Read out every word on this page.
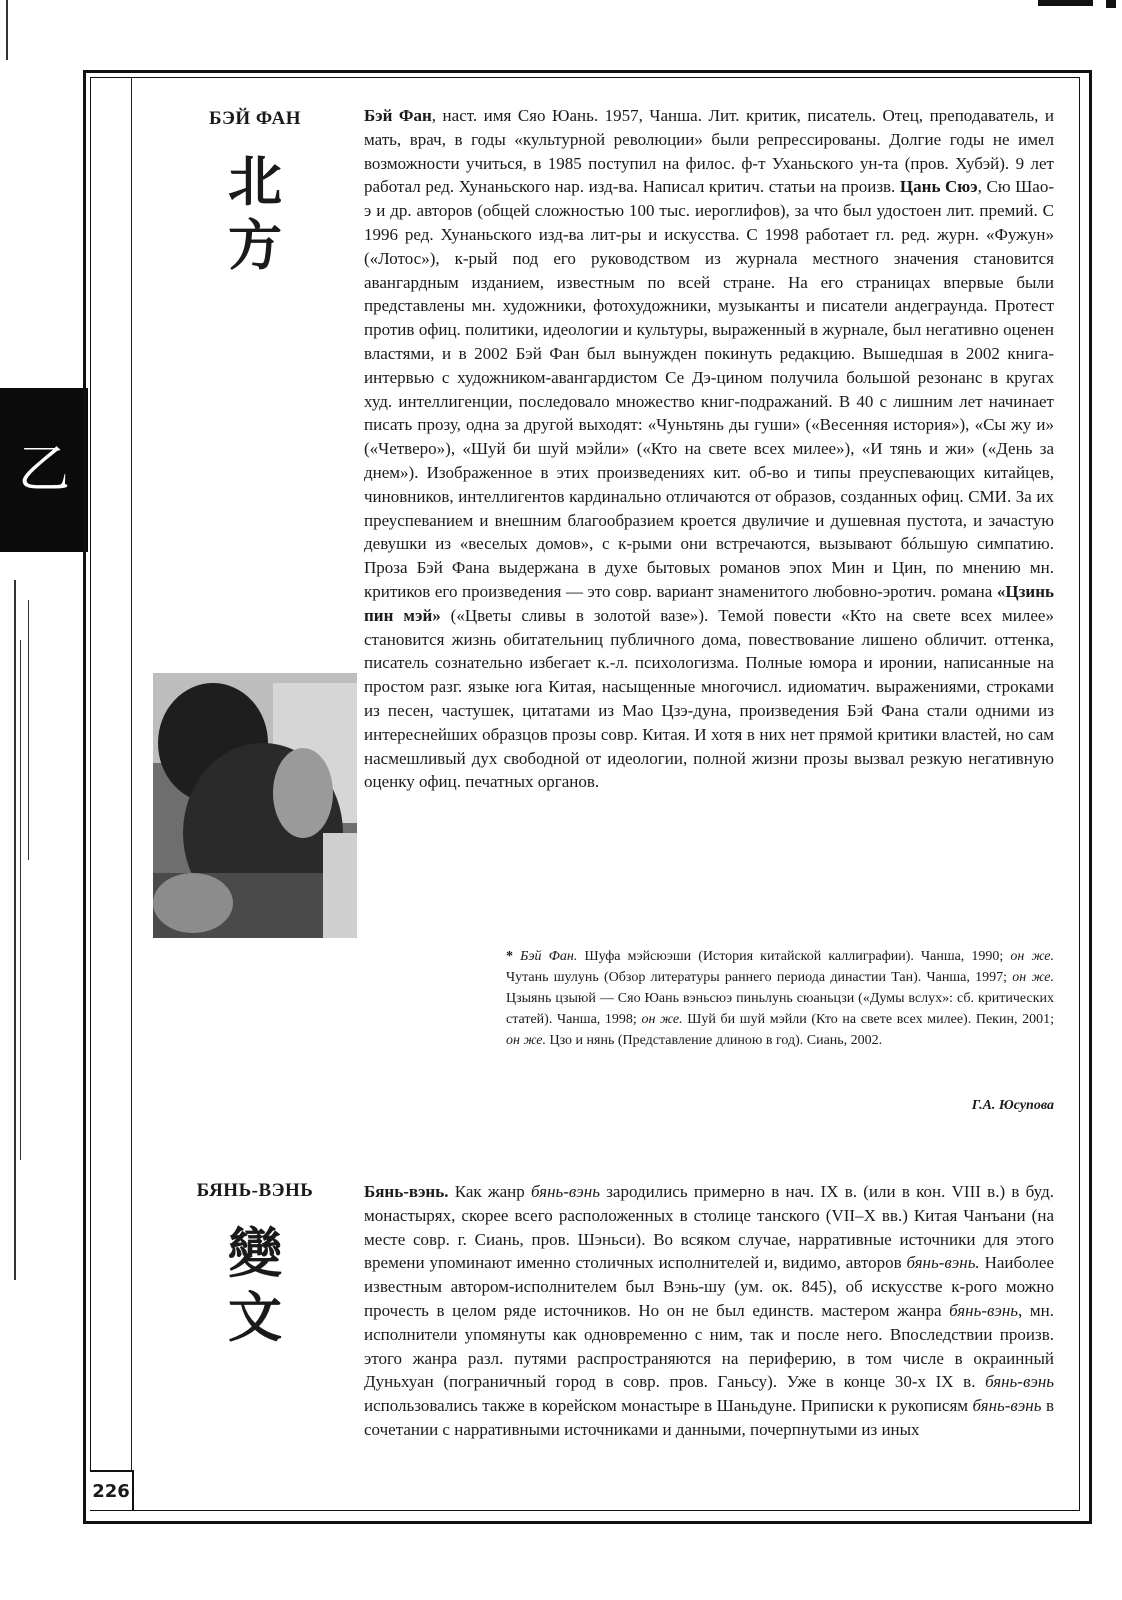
乙
226
БЭЙ ФАН
北
方
Бэй Фан, наст. имя Сяо Юань. 1957, Чанша. Лит. критик, писатель. Отец, преподаватель, и мать, врач, в годы «культурной революции» были репрессированы. Долгие годы не имел возможности учиться, в 1985 поступил на филос. ф-т Уханьского ун-та (пров. Хубэй). 9 лет работал ред. Хунаньского нар. изд-ва. Написал критич. статьи на произв. Цань Сюэ, Сю Шао-э и др. авторов (общей сложностью 100 тыс. иероглифов), за что был удостоен лит. премий. С 1996 ред. Хунаньского изд-ва лит-ры и искусства. С 1998 работает гл. ред. журн. «Фужун» («Лотос»), к-рый под его руководством из журнала местного значения становится авангардным изданием, известным по всей стране. На его страницах впервые были представлены мн. художники, фотохудожники, музыканты и писатели андеграунда. Протест против офиц. политики, идеологии и культуры, выраженный в журнале, был негативно оценен властями, и в 2002 Бэй Фан был вынужден покинуть редакцию. Вышедшая в 2002 книга-интервью с художником-авангардистом Се Дэ-цином получила большой резонанс в кругах худ. интеллигенции, последовало множество книг-подражаний. В 40 с лишним лет начинает писать прозу, одна за другой выходят: «Чуньтянь ды гуши» («Весенняя история»), «Сы жу и» («Четверо»), «Шуй би шуй мэйли» («Кто на свете всех милее»), «И тянь и жи» («День за днем»). Изображенное в этих произведениях кит. об-во и типы преуспевающих китайцев, чиновников, интеллигентов кардинально отличаются от образов, созданных офиц. СМИ. За их преуспеванием и внешним благообразием кроется двуличие и душевная пустота, и зачастую девушки из «веселых домов», с к-рыми они встречаются, вызывают бóльшую симпатию. Проза Бэй Фана выдержана в духе бытовых романов эпох Мин и Цин, по мнению мн. критиков его произведения — это совр. вариант знаменитого любовно-эротич. романа «Цзинь пин мэй» («Цветы сливы в золотой вазе»). Темой повести «Кто на свете всех милее» становится жизнь обитательниц публичного дома, повествование лишено обличит. оттенка, писатель сознательно избегает к.-л. психологизма. Полные юмора и иронии, написанные на простом разг. языке юга Китая, насыщенные многочисл. идиоматич. выражениями, строками из песен, частушек, цитатами из Мао Цзэ-дуна, произведения Бэй Фана стали одними из интереснейших образцов прозы совр. Китая. И хотя в них нет прямой критики властей, но сам насмешливый дух свободной от идеологии, полной жизни прозы вызвал резкую негативную оценку офиц. печатных органов.
* Бэй Фан. Шуфа мэйсюэши (История китайской каллиграфии). Чанша, 1990; он же. Чутань шулунь (Обзор литературы раннего периода династии Тан). Чанша, 1997; он же. Цзыянь цзыюй — Сяо Юань вэньсюэ пиньлунь сюаньцзи («Думы вслух»: сб. критических статей). Чанша, 1998; он же. Шуй би шуй мэйли (Кто на свете всех милее). Пекин, 2001; он же. Цзо и нянь (Представление длиною в год). Сиань, 2002.
Г.А. Юсупова
БЯНЬ-ВЭНЬ
變
文
Бянь-вэнь. Как жанр бянь-вэнь зародились примерно в нач. IX в. (или в кон. VIII в.) в буд. монастырях, скорее всего расположенных в столице танского (VII–X вв.) Китая Чанъани (на месте совр. г. Сиань, пров. Шэньси). Во всяком случае, нарративные источники для этого времени упоминают именно столичных исполнителей и, видимо, авторов бянь-вэнь. Наиболее известным автором-исполнителем был Вэнь-шу (ум. ок. 845), об искусстве к-рого можно прочесть в целом ряде источников. Но он не был единств. мастером жанра бянь-вэнь, мн. исполнители упомянуты как одновременно с ним, так и после него. Впоследствии произв. этого жанра разл. путями распространяются на периферию, в том числе в окраинный Дуньхуан (пограничный город в совр. пров. Ганьсу). Уже в конце 30-х IX в. бянь-вэнь использовались также в корейском монастыре в Шаньдуне. Приписки к рукописям бянь-вэнь в сочетании с нарративными источниками и данными, почерпнутыми из иных
